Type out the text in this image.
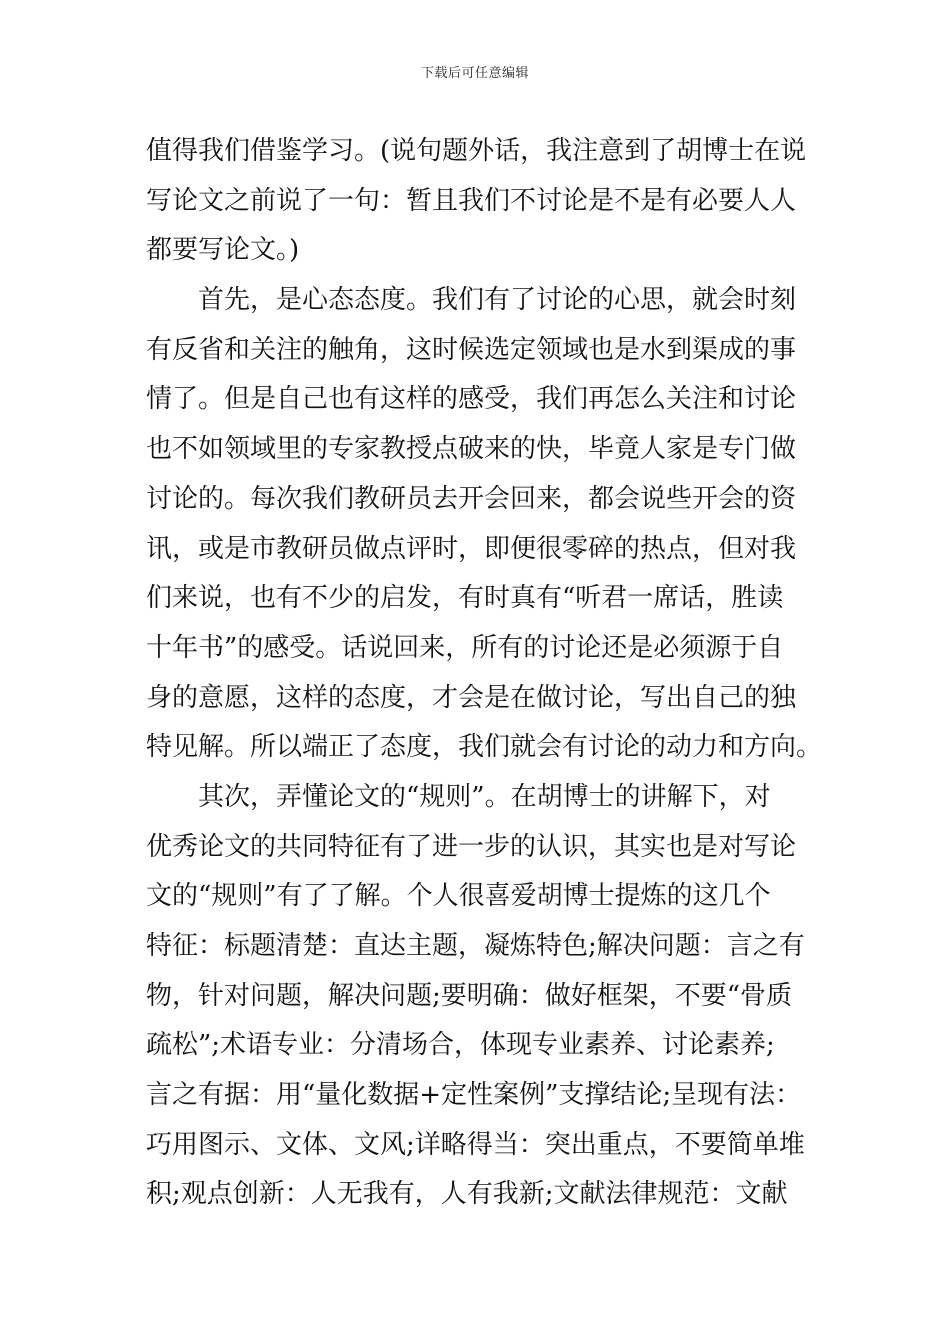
下载后可任意编辑
值得我们借鉴学习。(说句题外话，我注意到了胡博士在说
写论文之前说了一句：暂且我们不讨论是不是有必要人人
都要写论文。)
首先，是心态态度。我们有了讨论的心思，就会时刻
有反省和关注的触角，这时候选定领域也是水到渠成的事
情了。但是自己也有这样的感受，我们再怎么关注和讨论
也不如领域里的专家教授点破来的快，毕竟人家是专门做
讨论的。每次我们教研员去开会回来，都会说些开会的资
讯，或是市教研员做点评时，即便很零碎的热点，但对我
们来说，也有不少的启发，有时真有“听君一席话，胜读
十年书”的感受。话说回来，所有的讨论还是必须源于自
身的意愿，这样的态度，才会是在做讨论，写出自己的独
特见解。所以端正了态度，我们就会有讨论的动力和方向。
其次，弄懂论文的“规则”。在胡博士的讲解下，对
优秀论文的共同特征有了进一步的认识，其实也是对写论
文的“规则”有了了解。个人很喜爱胡博士提炼的这几个
特征：标题清楚：直达主题，凝炼特色;解决问题：言之有
物，针对问题，解决问题;要明确：做好框架，不要“骨质
疏松”;术语专业：分清场合，体现专业素养、讨论素养;
言之有据：用“量化数据+定性案例”支撑结论;呈现有法：
巧用图示、文体、文风;详略得当：突出重点，不要简单堆
积;观点创新：人无我有，人有我新;文献法律规范：文献
